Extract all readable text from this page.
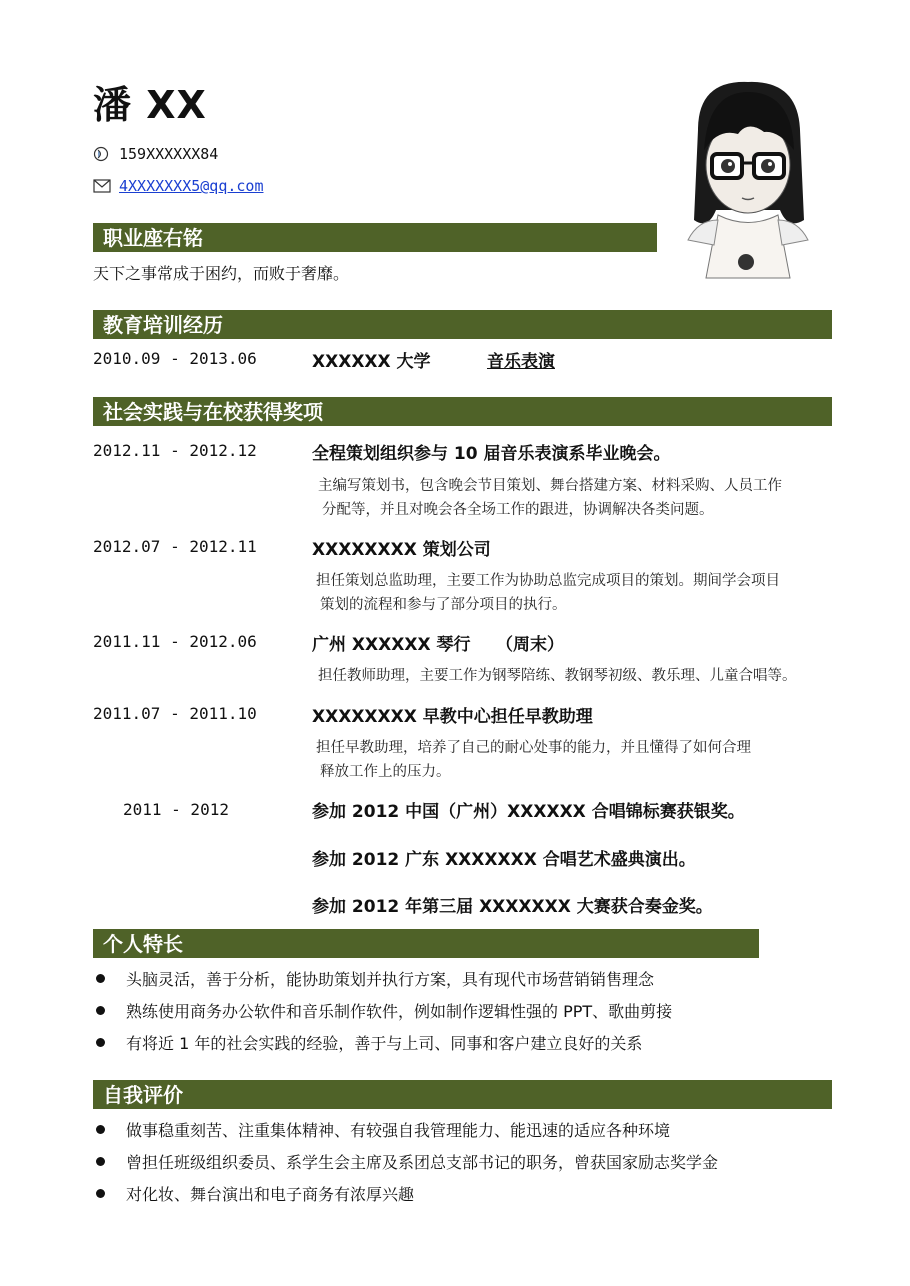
潘 XX
159XXXXXX84
4XXXXXXX5@qq.com
职业座右铭
天下之事常成于困约，而败于奢靡。
教育培训经历
2010.09 - 2013.06	XXXXXX 大学	音乐表演
社会实践与在校获得奖项
2012.11 - 2012.12	全程策划组织参与 10 届音乐表演系毕业晚会。
主编写策划书，包含晚会节目策划、舞台搭建方案、材料采购、人员工作
分配等，并且对晚会各全场工作的跟进，协调解决各类问题。
2012.07 - 2012.11	XXXXXXXX 策划公司
担任策划总监助理，主要工作为协助总监完成项目的策划。期间学会项目
策划的流程和参与了部分项目的执行。
2011.11 - 2012.06	广州 XXXXXX 琴行　　（周末）
担任教师助理，主要工作为钢琴陪练、教钢琴初级、教乐理、儿童合唱等。
2011.07 - 2011.10	XXXXXXXX 早教中心担任早教助理
担任早教助理，培养了自己的耐心处事的能力，并且懂得了如何合理
释放工作上的压力。
2011 - 2012	参加 2012 中国（广州）XXXXXX 合唱锦标赛获银奖。
参加 2012 广东 XXXXXXX 合唱艺术盛典演出。
参加 2012 年第三届 XXXXXXX 大赛获合奏金奖。
个人特长
头脑灵活，善于分析，能协助策划并执行方案，具有现代市场营销销售理念
熟练使用商务办公软件和音乐制作软件，例如制作逻辑性强的 PPT、歌曲剪接
有将近 1 年的社会实践的经验，善于与上司、同事和客户建立良好的关系
自我评价
做事稳重刻苦、注重集体精神、有较强自我管理能力、能迅速的适应各种环境
曾担任班级组织委员、系学生会主席及系团总支部书记的职务，曾获国家励志奖学金
对化妆、舞台演出和电子商务有浓厚兴趣
